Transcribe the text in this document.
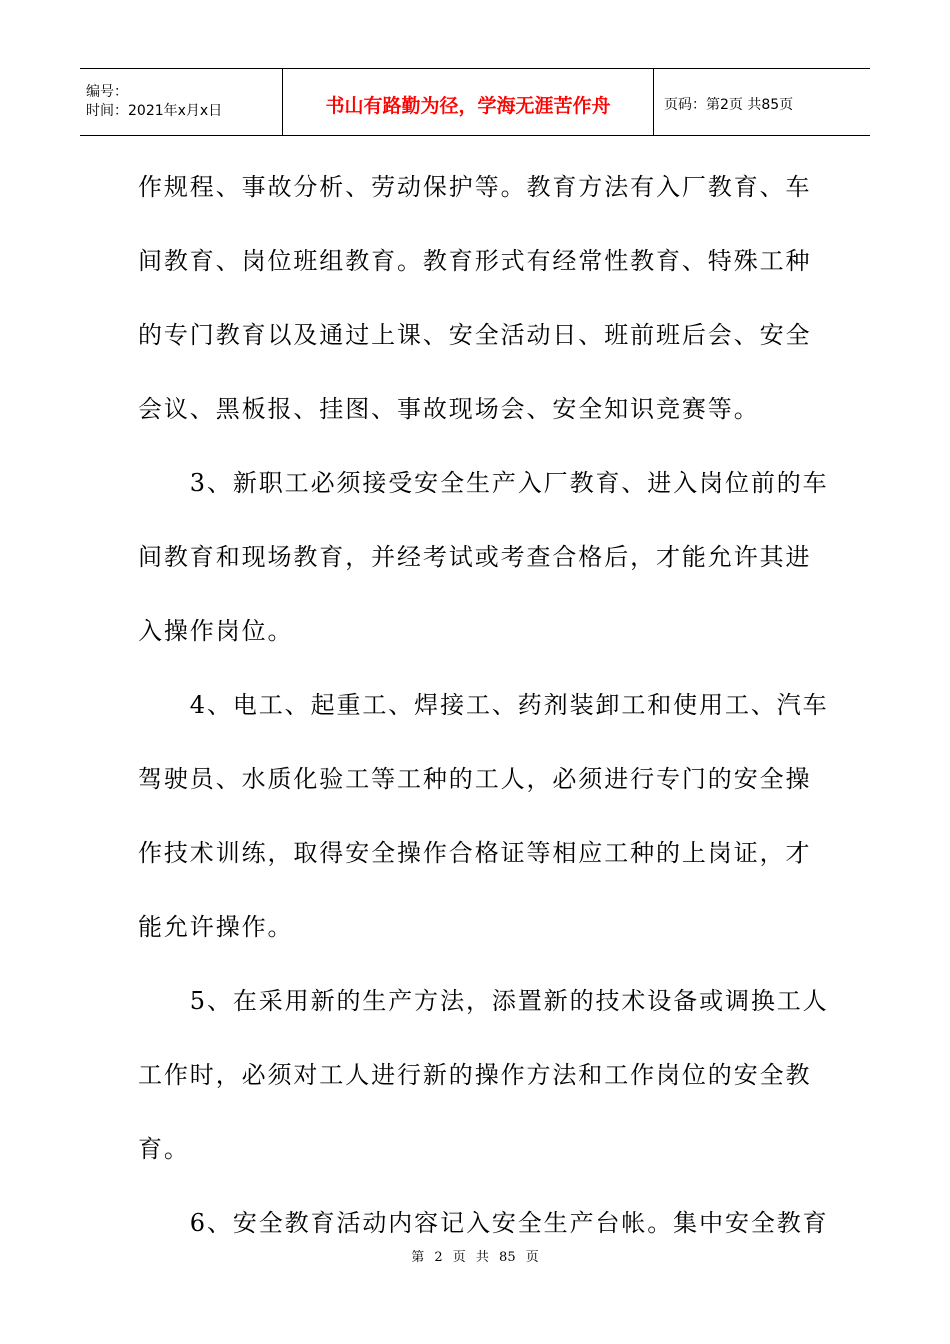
编号：
时间：2021年x月x日	书山有路勤为径，学海无涯苦作舟	页码：第2页 共85页
作规程、事故分析、劳动保护等。教育方法有入厂教育、车
间教育、岗位班组教育。教育形式有经常性教育、特殊工种
的专门教育以及通过上课、安全活动日、班前班后会、安全
会议、黑板报、挂图、事故现场会、安全知识竞赛等。
　　3、新职工必须接受安全生产入厂教育、进入岗位前的车
间教育和现场教育，并经考试或考查合格后，才能允许其进
入操作岗位。
　　4、电工、起重工、焊接工、药剂装卸工和使用工、汽车
驾驶员、水质化验工等工种的工人，必须进行专门的安全操
作技术训练，取得安全操作合格证等相应工种的上岗证，才
能允许操作。
　　5、在采用新的生产方法，添置新的技术设备或调换工人
工作时，必须对工人进行新的操作方法和工作岗位的安全教
育。
　　6、安全教育活动内容记入安全生产台帐。集中安全教育
第 2 页 共 85 页
